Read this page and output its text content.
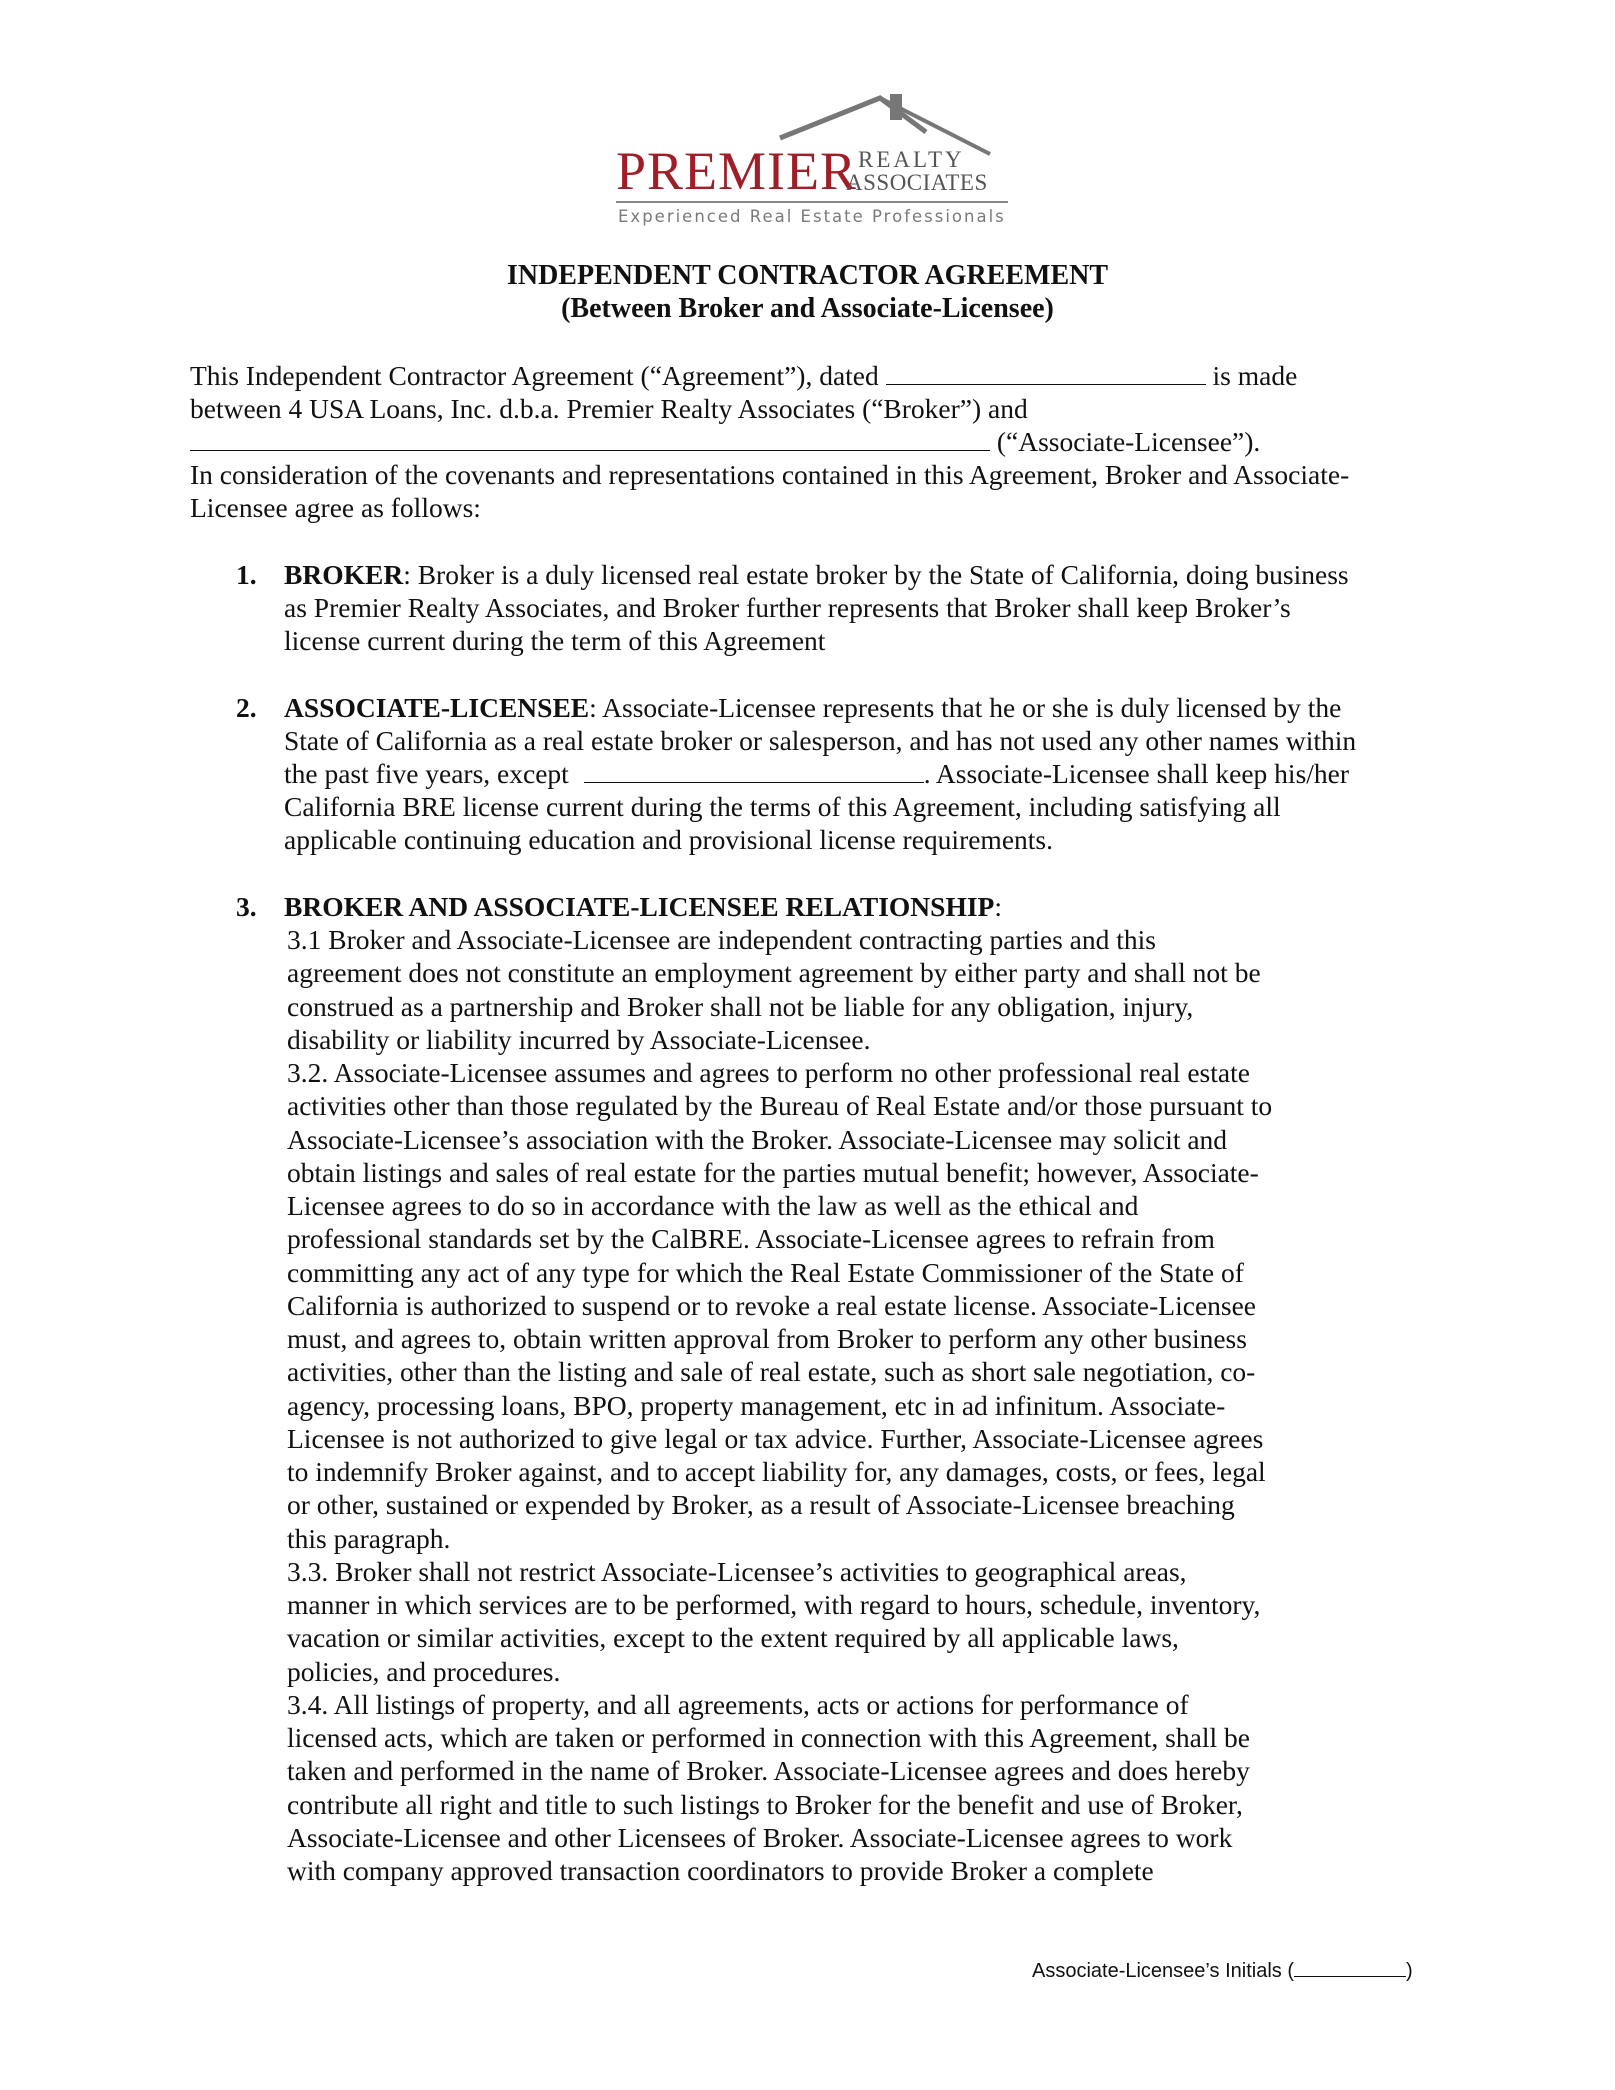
PREMIER REALTY
ASSOCIATES
Experienced Real Estate Professionals
INDEPENDENT CONTRACTOR AGREEMENT
(Between Broker and Associate-Licensee)
This Independent Contractor Agreement (“Agreement”), dated	is made
between 4 USA Loans, Inc. d.b.a. Premier Realty Associates (“Broker”) and
(“Associate-Licensee”).
In consideration of the covenants and representations contained in this Agreement, Broker and Associate-
Licensee agree as follows:
1. BROKER: Broker is a duly licensed real estate broker by the State of California, doing business
as Premier Realty Associates, and Broker further represents that Broker shall keep Broker’s
license current during the term of this Agreement
2. ASSOCIATE-LICENSEE: Associate-Licensee represents that he or she is duly licensed by the
State of California as a real estate broker or salesperson, and has not used any other names within
the past five years, except	. Associate-Licensee shall keep his/her
California BRE license current during the terms of this Agreement, including satisfying all
applicable continuing education and provisional license requirements.
3. BROKER AND ASSOCIATE-LICENSEE RELATIONSHIP:
3.1 Broker and Associate-Licensee are independent contracting parties and this
agreement does not constitute an employment agreement by either party and shall not be
construed as a partnership and Broker shall not be liable for any obligation, injury,
disability or liability incurred by Associate-Licensee.
3.2. Associate-Licensee assumes and agrees to perform no other professional real estate
activities other than those regulated by the Bureau of Real Estate and/or those pursuant to
Associate-Licensee’s association with the Broker. Associate-Licensee may solicit and
obtain listings and sales of real estate for the parties mutual benefit; however, Associate-
Licensee agrees to do so in accordance with the law as well as the ethical and
professional standards set by the CalBRE. Associate-Licensee agrees to refrain from
committing any act of any type for which the Real Estate Commissioner of the State of
California is authorized to suspend or to revoke a real estate license. Associate-Licensee
must, and agrees to, obtain written approval from Broker to perform any other business
activities, other than the listing and sale of real estate, such as short sale negotiation, co-
agency, processing loans, BPO, property management, etc in ad infinitum. Associate-
Licensee is not authorized to give legal or tax advice. Further, Associate-Licensee agrees
to indemnify Broker against, and to accept liability for, any damages, costs, or fees, legal
or other, sustained or expended by Broker, as a result of Associate-Licensee breaching
this paragraph.
3.3. Broker shall not restrict Associate-Licensee’s activities to geographical areas,
manner in which services are to be performed, with regard to hours, schedule, inventory,
vacation or similar activities, except to the extent required by all applicable laws,
policies, and procedures.
3.4. All listings of property, and all agreements, acts or actions for performance of
licensed acts, which are taken or performed in connection with this Agreement, shall be
taken and performed in the name of Broker. Associate-Licensee agrees and does hereby
contribute all right and title to such listings to Broker for the benefit and use of Broker,
Associate-Licensee and other Licensees of Broker. Associate-Licensee agrees to work
with company approved transaction coordinators to provide Broker a complete
Associate-Licensee’s Initials (	)
